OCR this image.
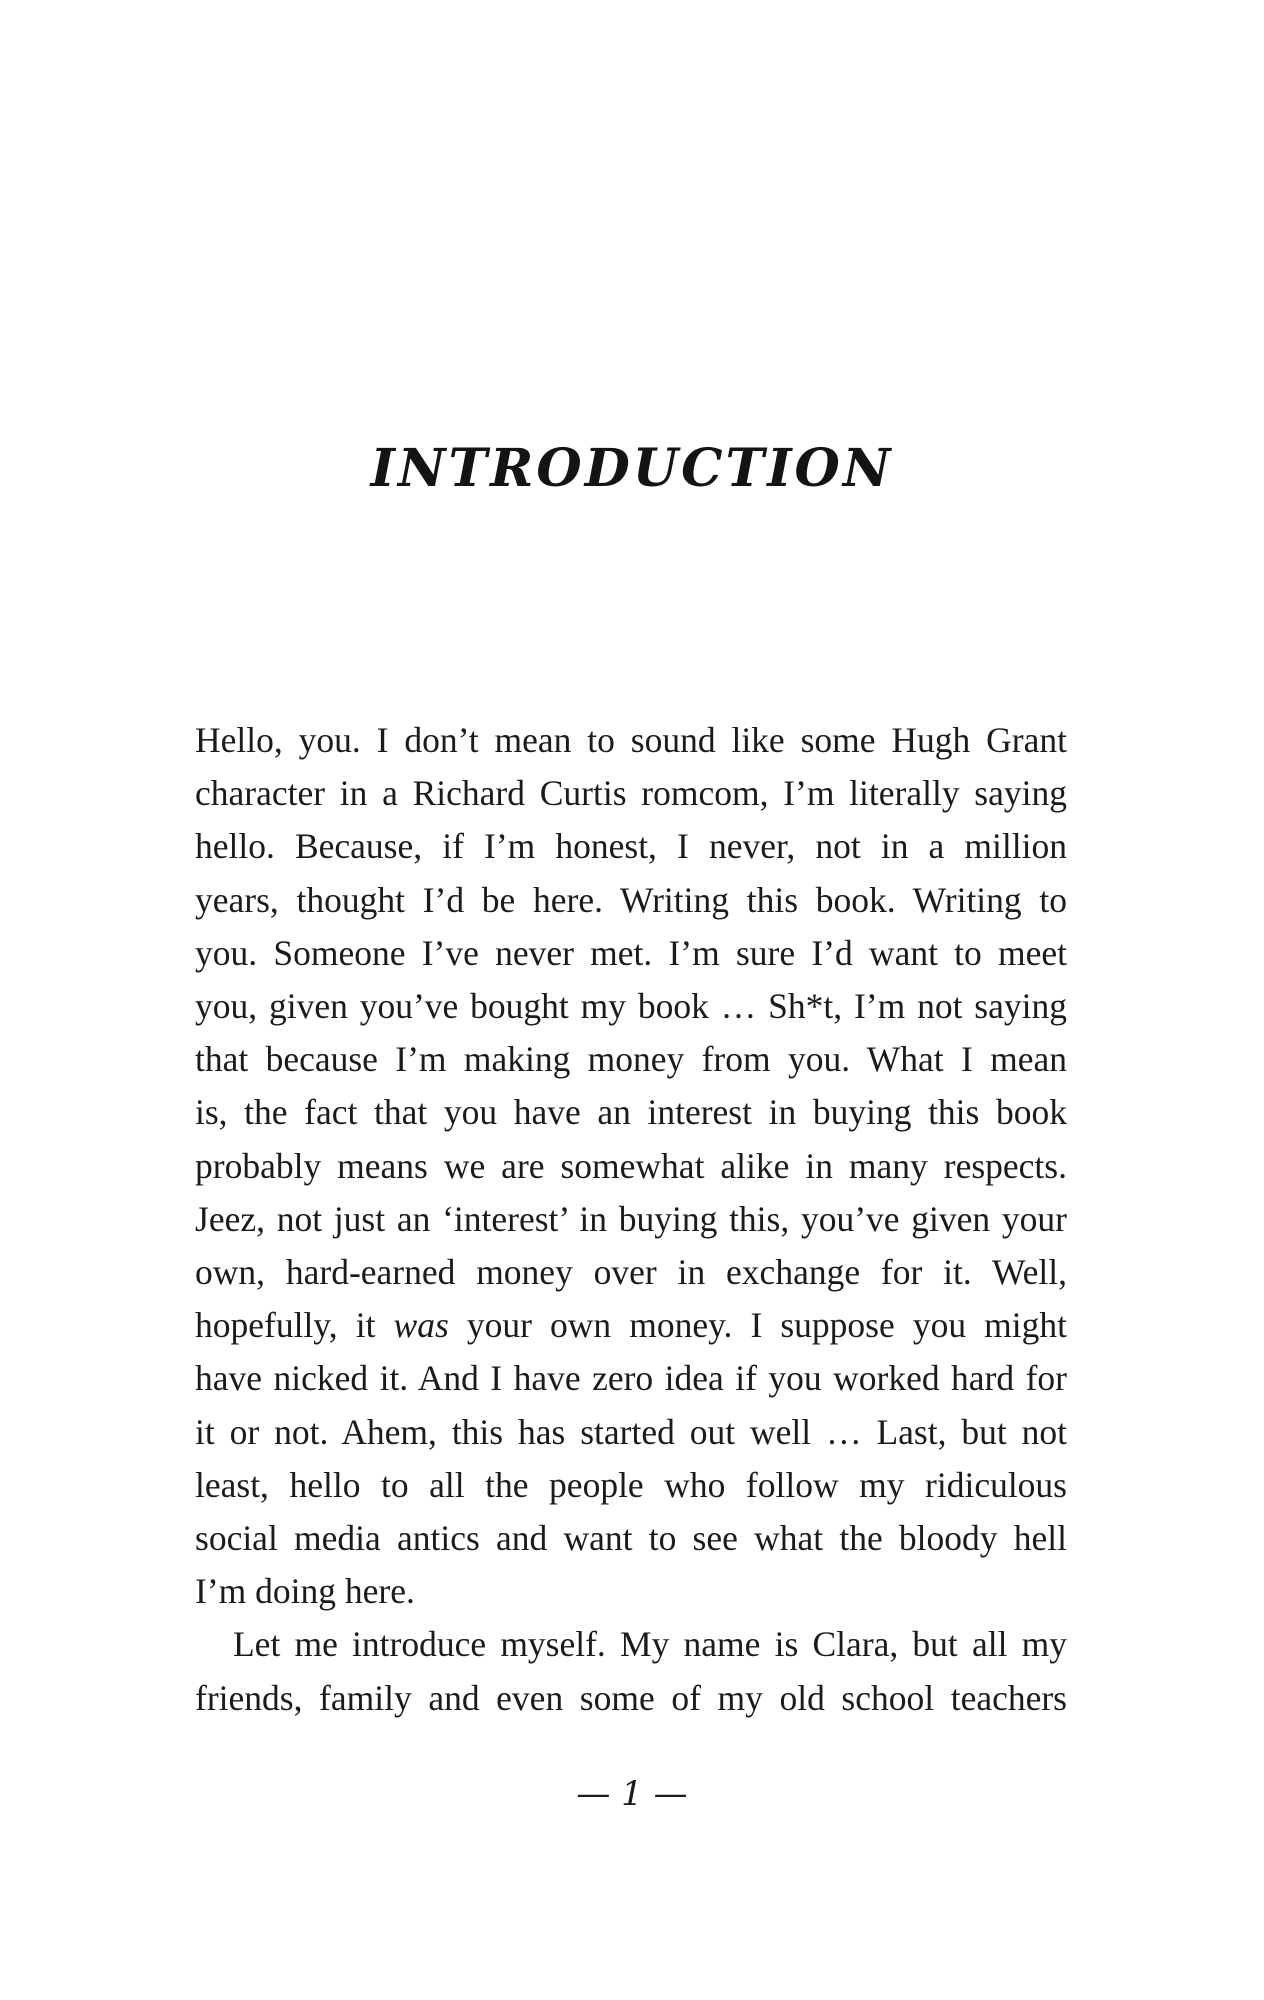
INTRODUCTION

Hello, you. I don’t mean to sound like some Hugh Grant
character in a Richard Curtis romcom, I’m literally saying
hello. Because, if I’m honest, I never, not in a million
years, thought I’d be here. Writing this book. Writing to
you. Someone I’ve never met. I’m sure I’d want to meet
you, given you’ve bought my book … Sh*t, I’m not saying
that because I’m making money from you. What I mean
is, the fact that you have an interest in buying this book
probably means we are somewhat alike in many respects.
Jeez, not just an ‘interest’ in buying this, you’ve given your
own, hard-earned money over in exchange for it. Well,
hopefully, it was your own money. I suppose you might
have nicked it. And I have zero idea if you worked hard for
it or not. Ahem, this has started out well … Last, but not
least, hello to all the people who follow my ridiculous
social media antics and want to see what the bloody hell
I’m doing here.

Let me introduce myself. My name is Clara, but all my
friends, family and even some of my old school teachers

— 1 —
